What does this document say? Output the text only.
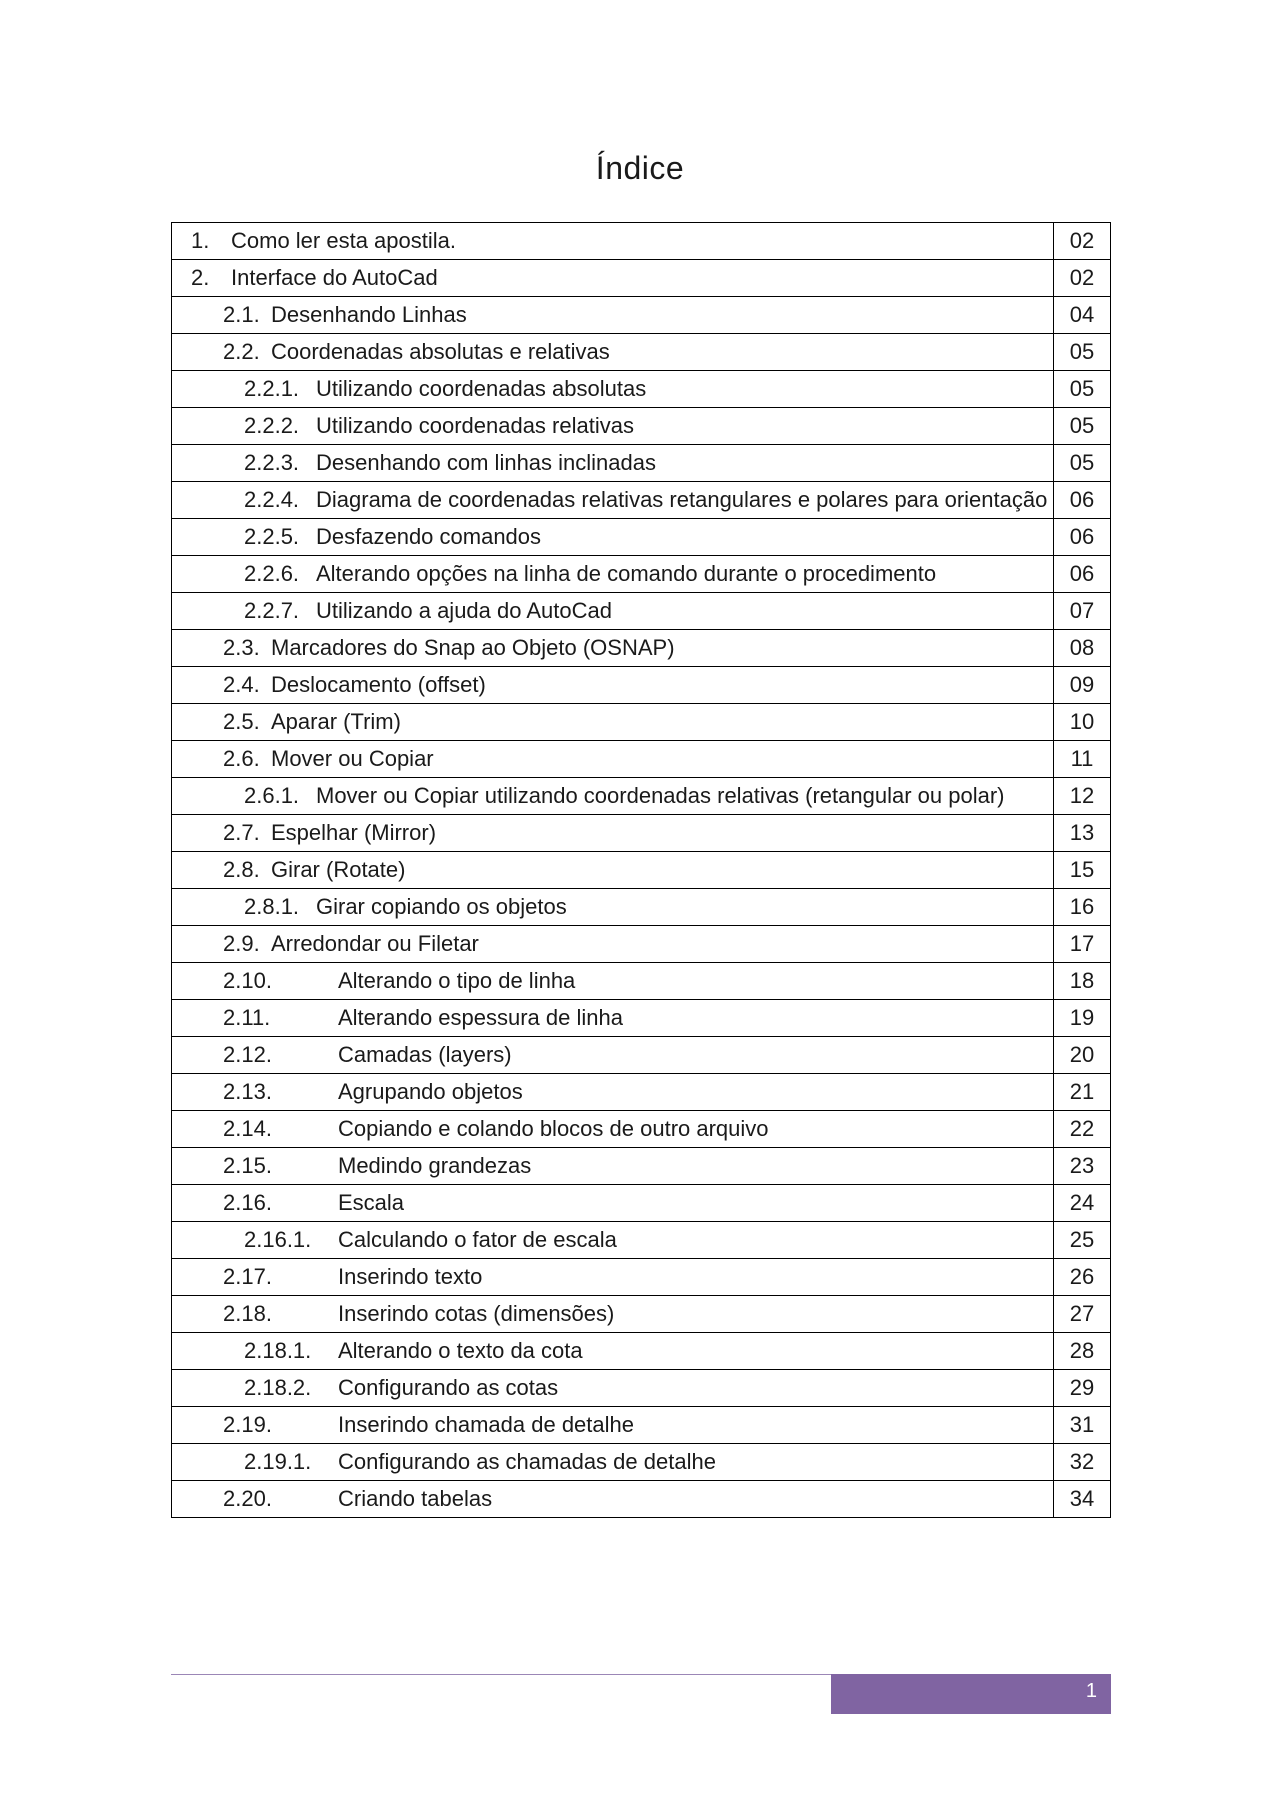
Índice
1. Como ler esta apostila.	02

2. Interface do AutoCad	02

2.1. Desenhando Linhas	04

2.2. Coordenadas absolutas e relativas	05

2.2.1. Utilizando coordenadas absolutas	05

2.2.2. Utilizando coordenadas relativas	05

2.2.3. Desenhando com linhas inclinadas	05

2.2.4. Diagrama de coordenadas relativas retangulares e polares para orientação	06

2.2.5. Desfazendo comandos	06

2.2.6. Alterando opções na linha de comando durante o procedimento	06

2.2.7. Utilizando a ajuda do AutoCad	07

2.3. Marcadores do Snap ao Objeto (OSNAP)	08

2.4. Deslocamento (offset)	09

2.5. Aparar (Trim)	10

2.6. Mover ou Copiar	11

2.6.1. Mover ou Copiar utilizando coordenadas relativas (retangular ou polar)	12

2.7. Espelhar (Mirror)	13

2.8. Girar (Rotate)	15

2.8.1. Girar copiando os objetos	16

2.9. Arredondar ou Filetar	17

2.10. Alterando o tipo de linha	18

2.11. Alterando espessura de linha	19

2.12. Camadas (layers)	20

2.13. Agrupando objetos	21

2.14. Copiando e colando blocos de outro arquivo	22

2.15. Medindo grandezas	23

2.16. Escala	24

2.16.1. Calculando o fator de escala	25

2.17. Inserindo texto	26

2.18. Inserindo cotas (dimensões)	27

2.18.1. Alterando o texto da cota	28

2.18.2. Configurando as cotas	29

2.19. Inserindo chamada de detalhe	31

2.19.1. Configurando as chamadas de detalhe	32

2.20. Criando tabelas	34
1
